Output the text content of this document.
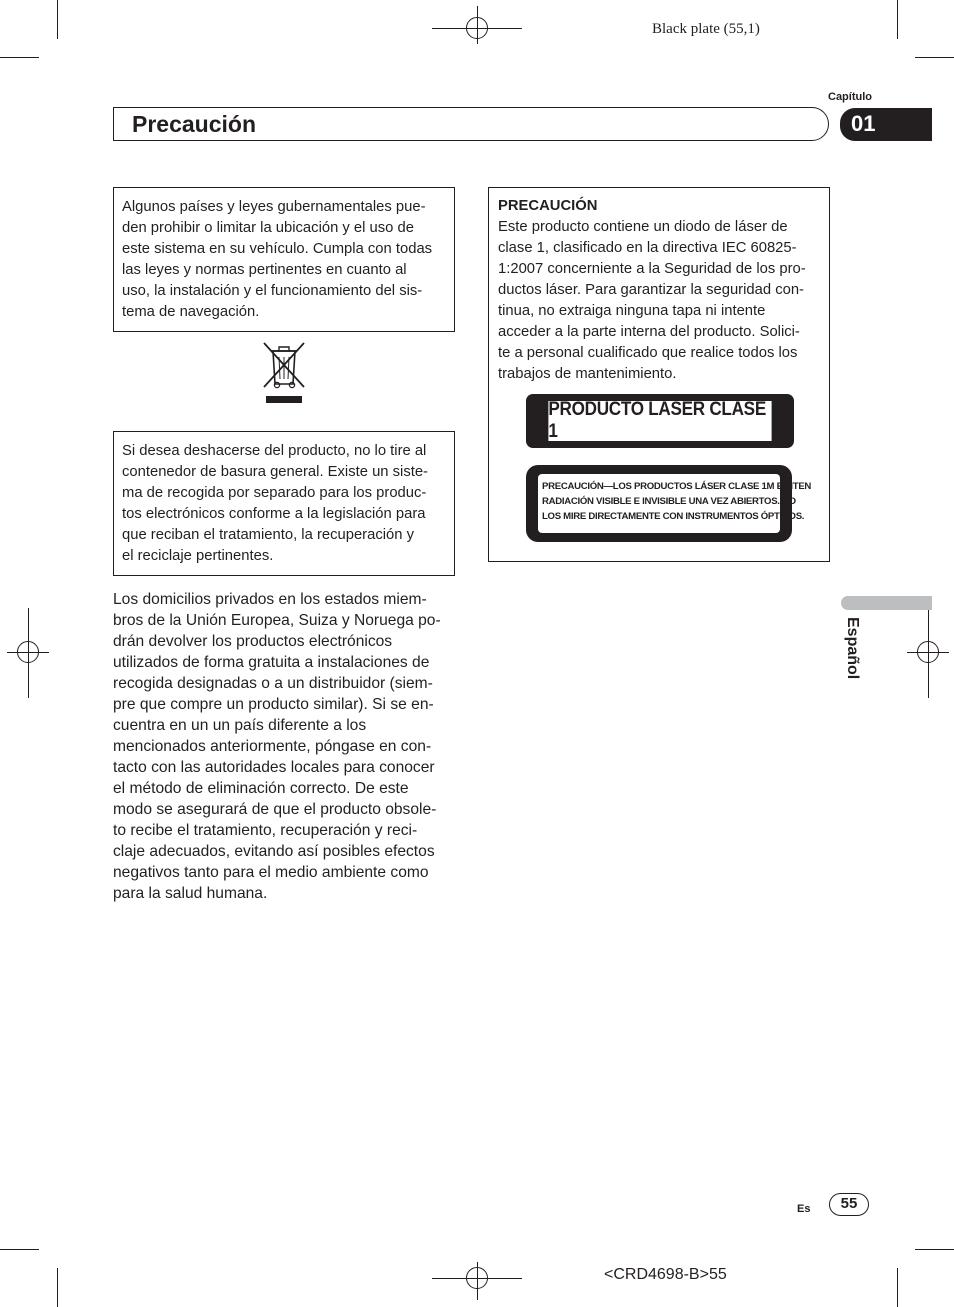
Black plate (55,1)
Capítulo
Precaución	01
Algunos países y leyes gubernamentales pue-
den prohibir o limitar la ubicación y el uso de
este sistema en su vehículo. Cumpla con todas
las leyes y normas pertinentes en cuanto al
uso, la instalación y el funcionamiento del sis-
tema de navegación.
Si desea deshacerse del producto, no lo tire al
contenedor de basura general. Existe un siste-
ma de recogida por separado para los produc-
tos electrónicos conforme a la legislación para
que reciban el tratamiento, la recuperación y
el reciclaje pertinentes.
Los domicilios privados en los estados miem-
bros de la Unión Europea, Suiza y Noruega po-
drán devolver los productos electrónicos
utilizados de forma gratuita a instalaciones de
recogida designadas o a un distribuidor (siem-
pre que compre un producto similar). Si se en-
cuentra en un un país diferente a los
mencionados anteriormente, póngase en con-
tacto con las autoridades locales para conocer
el método de eliminación correcto. De este
modo se asegurará de que el producto obsole-
to recibe el tratamiento, recuperación y reci-
claje adecuados, evitando así posibles efectos
negativos tanto para el medio ambiente como
para la salud humana.
PRECAUCIÓN
Este producto contiene un diodo de láser de
clase 1, clasificado en la directiva IEC 60825-
1:2007 concerniente a la Seguridad de los pro-
ductos láser. Para garantizar la seguridad con-
tinua, no extraiga ninguna tapa ni intente
acceder a la parte interna del producto. Solici-
te a personal cualificado que realice todos los
trabajos de mantenimiento.
PRODUCTO LASER CLASE 1
PRECAUCIÓN—LOS PRODUCTOS LÁSER CLASE 1M EMITEN
RADIACIÓN VISIBLE E INVISIBLE UNA VEZ ABIERTOS. NO
LOS MIRE DIRECTAMENTE CON INSTRUMENTOS ÓPTICOS.
Español
Es	55
<CRD4698-B>55
